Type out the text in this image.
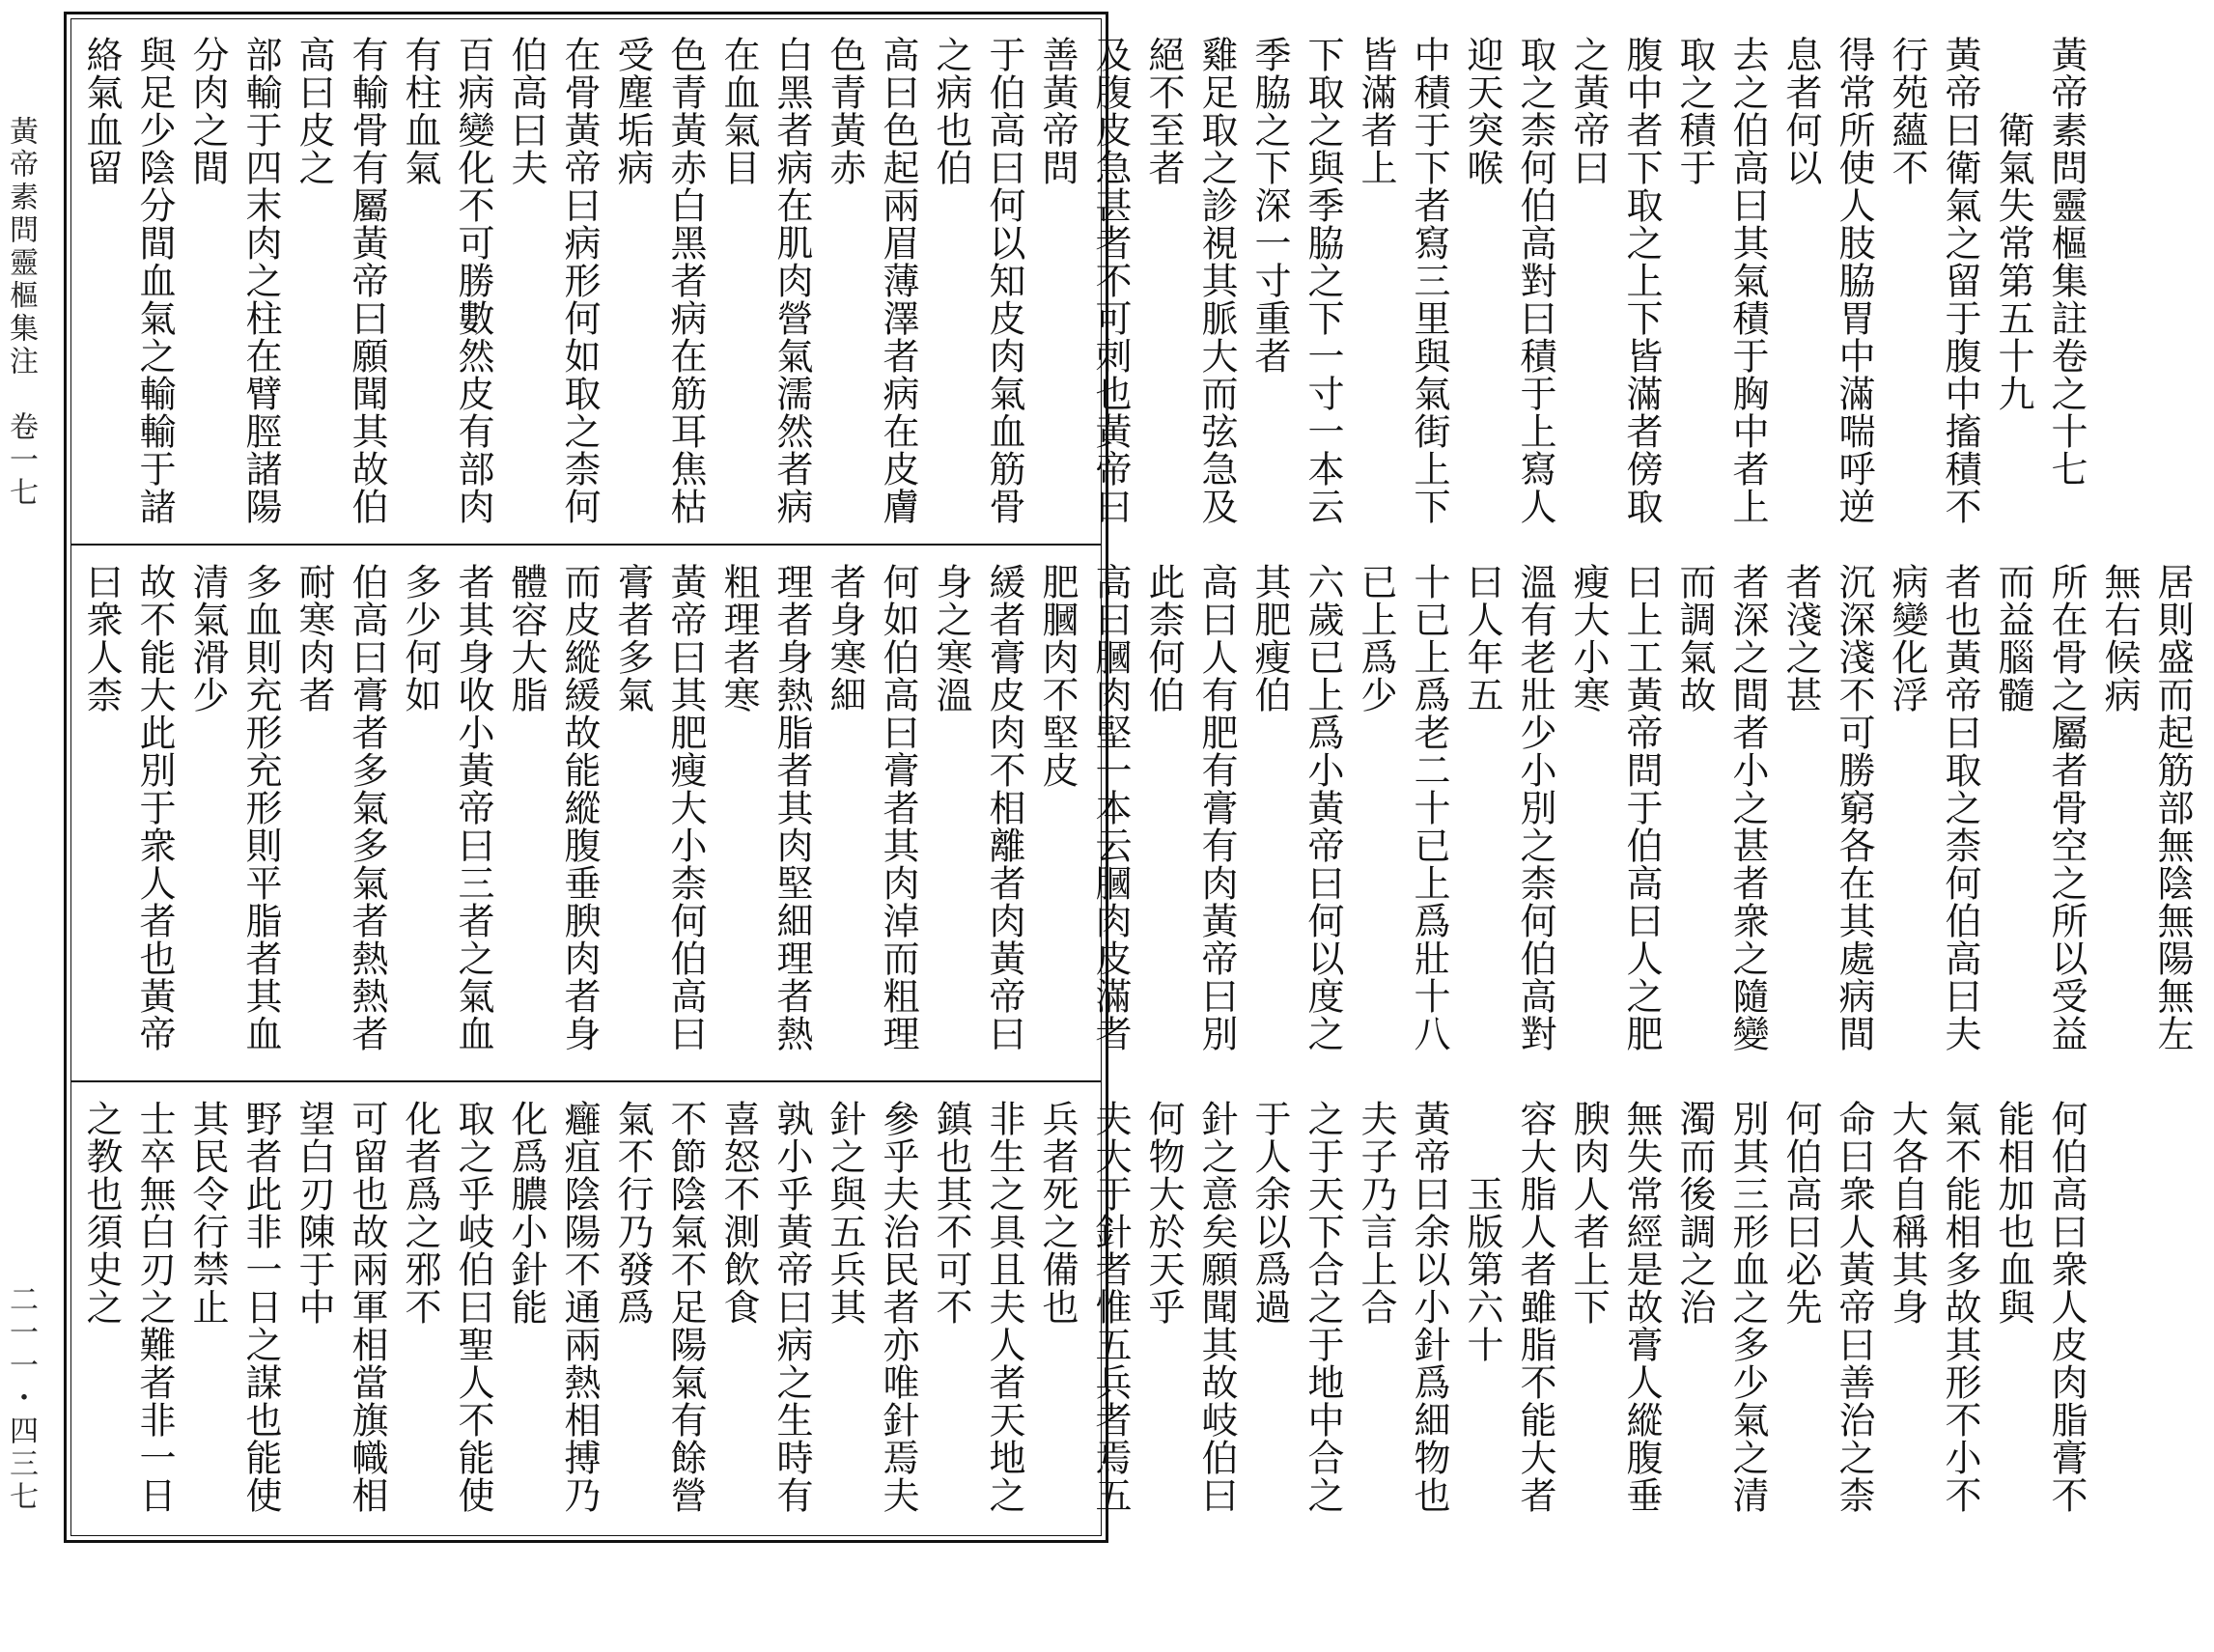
黃帝素問靈樞集注　卷一七
二一一・四三七
黃帝素問靈樞集註卷之十七
　　衛氣失常第五十九
黃帝曰衛氣之留于腹中搐積不行苑蘊不
得常所使人肢脇胃中滿喘呼逆息者何以
去之伯高曰其氣積于胸中者上取之積于
腹中者下取之上下皆滿者傍取之黃帝曰
取之柰何伯高對曰積于上寫人迎天突喉
中積于下者寫三里與氣街上下皆滿者上
下取之與季脇之下一寸一本云季脇之下深一寸重者
雞足取之診視其脈大而弦急及絕不至者
及腹皮急甚者不可刺也黃帝曰善黃帝問
于伯高曰何以知皮肉氣血筋骨之病也伯
高曰色起兩眉薄澤者病在皮膚色青黃赤
白黑者病在肌肉營氣濡然者病在血氣目
色青黃赤白黑者病在筋耳焦枯受塵垢病
在骨黃帝曰病形何如取之柰何伯高曰夫
百病變化不可勝數然皮有部肉有柱血氣
有輸骨有屬黃帝曰願聞其故伯高曰皮之
部輸于四末肉之柱在臂脛諸陽分肉之間
與足少陰分間血氣之輸輸于諸絡氣血留
居則盛而起筋部無陰無陽無左無右候病
所在骨之屬者骨空之所以受益而益腦髓
者也黃帝曰取之柰何伯高曰夫病變化浮
沉深淺不可勝窮各在其處病間者淺之甚
者深之間者小之甚者衆之隨變而調氣故
曰上工黃帝問于伯高曰人之肥瘦大小寒
溫有老壯少小別之柰何伯高對曰人年五
十已上爲老二十已上爲壯十八已上爲少
六歲已上爲小黃帝曰何以度之其肥瘦伯
高曰人有肥有膏有肉黃帝曰別此柰何伯
高曰膕肉堅一本云膕肉皮滿者肥膕肉不堅皮
緩者膏皮肉不相離者肉黃帝曰身之寒溫
何如伯高曰膏者其肉淖而粗理者身寒細
理者身熱脂者其肉堅細理者熱粗理者寒
黃帝曰其肥瘦大小柰何伯高曰膏者多氣
而皮縱緩故能縱腹垂腴肉者身體容大脂
者其身收小黃帝曰三者之氣血多少何如
伯高曰膏者多氣多氣者熱熱者耐寒肉者
多血則充形充形則平脂者其血清氣滑少
故不能大此別于衆人者也黃帝曰衆人柰
何伯高曰衆人皮肉脂膏不能相加也血與
氣不能相多故其形不小不大各自稱其身
命曰衆人黃帝曰善治之柰何伯高曰必先
別其三形血之多少氣之清濁而後調之治
無失常經是故膏人縱腹垂腴肉人者上下
容大脂人者雖脂不能大者
　　玉版第六十
黃帝曰余以小針爲細物也夫子乃言上合
之于天下合之于地中合之于人余以爲過
針之意矣願聞其故岐伯曰何物大於天乎
夫大于針者惟五兵者焉五兵者死之備也
非生之具且夫人者天地之鎮也其不可不
參乎夫治民者亦唯針焉夫針之與五兵其
孰小乎黃帝曰病之生時有喜怒不測飲食
不節陰氣不足陽氣有餘營氣不行乃發爲
癰疽陰陽不通兩熱相搏乃化爲膿小針能
取之乎岐伯曰聖人不能使化者爲之邪不
可留也故兩軍相當旗幟相望白刃陳于中
野者此非一日之謀也能使其民令行禁止
士卒無白刃之難者非一日之教也須史之
